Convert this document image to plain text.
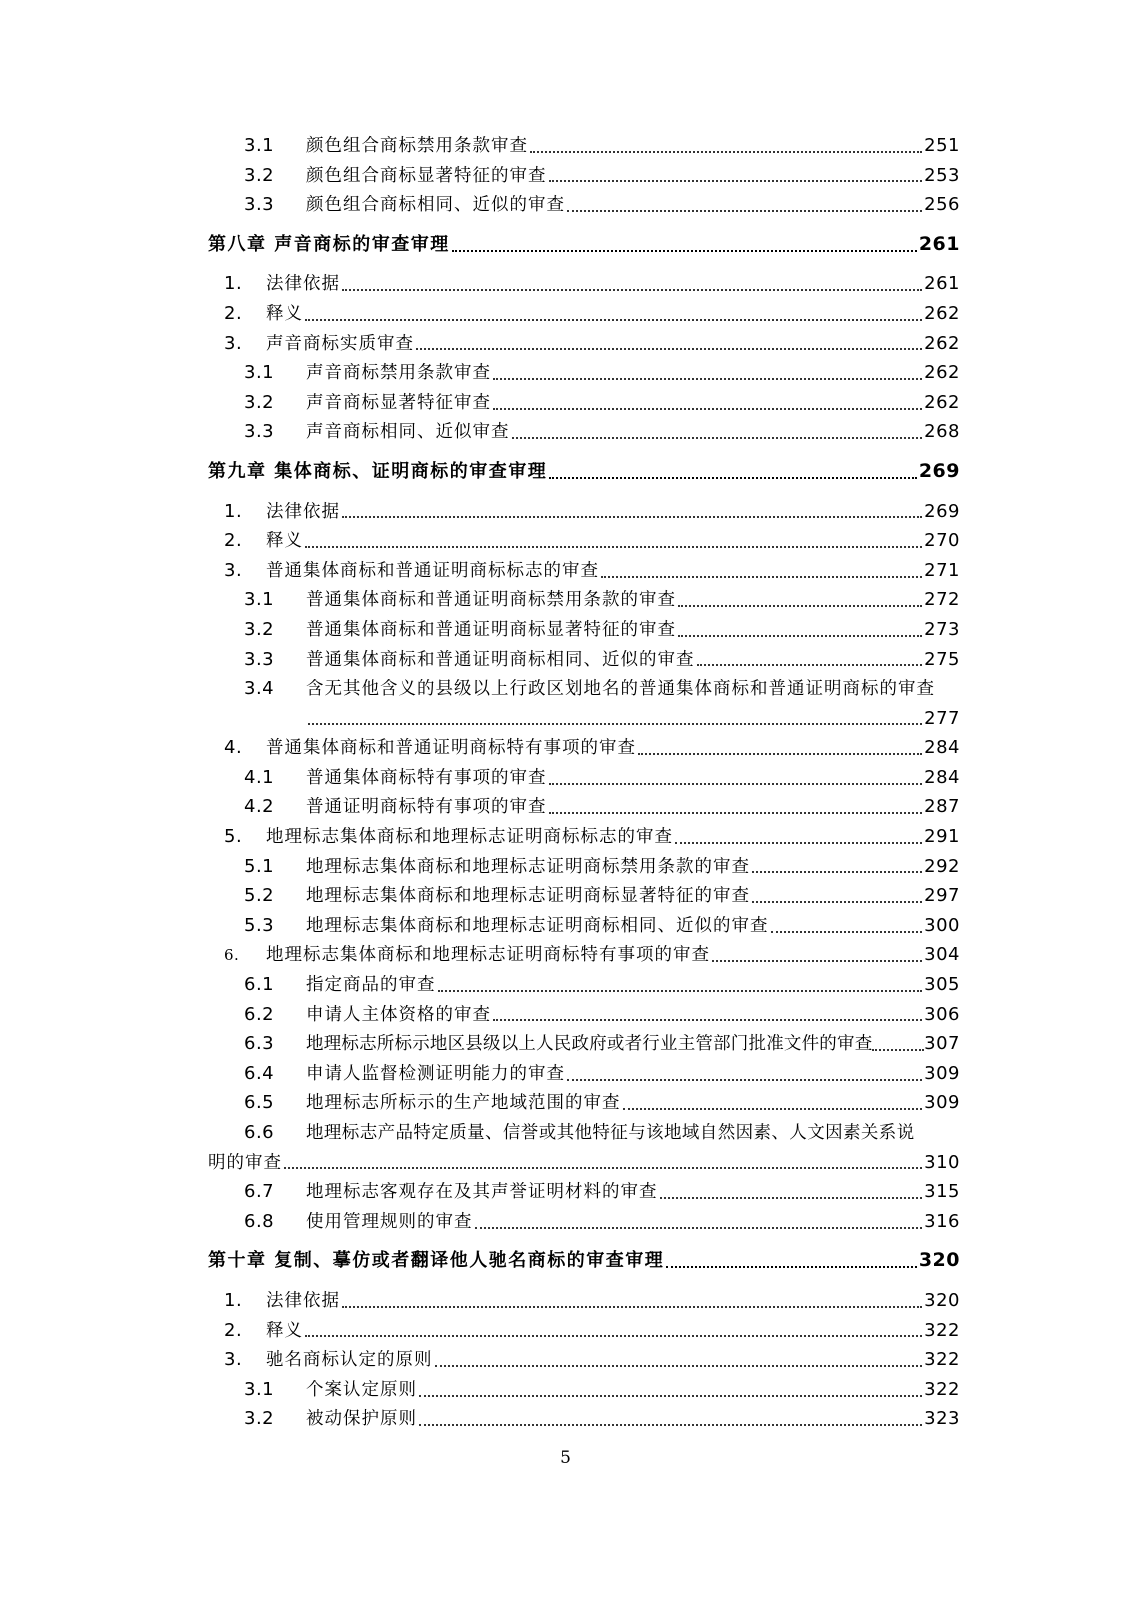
3.1	颜色组合商标禁用条款审查	251
3.2	颜色组合商标显著特征的审查	253
3.3	颜色组合商标相同、近似的审查	256
第八章 声音商标的审查审理	261
1.	法律依据	261
2.	释义	262
3.	声音商标实质审查	262
3.1	声音商标禁用条款审查	262
3.2	声音商标显著特征审查	262
3.3	声音商标相同、近似审查	268
第九章 集体商标、证明商标的审查审理	269
1.	法律依据	269
2.	释义	270
3.	普通集体商标和普通证明商标标志的审查	271
3.1	普通集体商标和普通证明商标禁用条款的审查	272
3.2	普通集体商标和普通证明商标显著特征的审查	273
3.3	普通集体商标和普通证明商标相同、近似的审查	275
3.4	含无其他含义的县级以上行政区划地名的普通集体商标和普通证明商标的审查
277
4.	普通集体商标和普通证明商标特有事项的审查	284
4.1	普通集体商标特有事项的审查	284
4.2	普通证明商标特有事项的审查	287
5.	地理标志集体商标和地理标志证明商标标志的审查	291
5.1	地理标志集体商标和地理标志证明商标禁用条款的审查	292
5.2	地理标志集体商标和地理标志证明商标显著特征的审查	297
5.3	地理标志集体商标和地理标志证明商标相同、近似的审查	300
6.	地理标志集体商标和地理标志证明商标特有事项的审查	304
6.1	指定商品的审查	305
6.2	申请人主体资格的审查	306
6.3	地理标志所标示地区县级以上人民政府或者行业主管部门批准文件的审查	307
6.4	申请人监督检测证明能力的审查	309
6.5	地理标志所标示的生产地域范围的审查	309
6.6	地理标志产品特定质量、信誉或其他特征与该地域自然因素、人文因素关系说
明的审查	310
6.7	地理标志客观存在及其声誉证明材料的审查	315
6.8	使用管理规则的审查	316
第十章 复制、摹仿或者翻译他人驰名商标的审查审理	320
1.	法律依据	320
2.	释义	322
3.	驰名商标认定的原则	322
3.1	个案认定原则	322
3.2	被动保护原则	323
5
